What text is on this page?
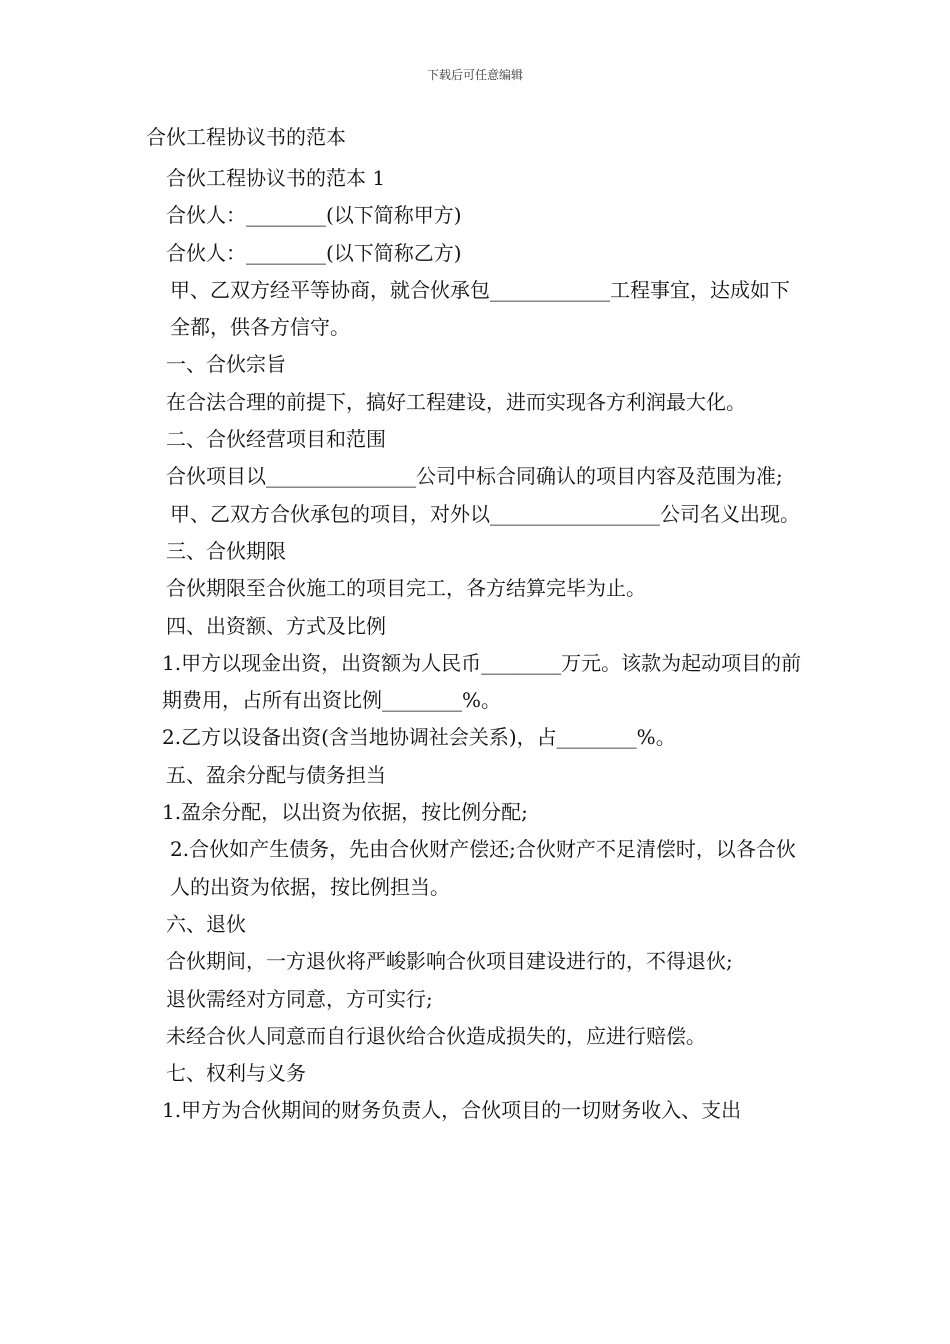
下载后可任意编辑
合伙工程协议书的范本

合伙工程协议书的范本 1

合伙人：________(以下简称甲方)

合伙人：________(以下简称乙方)

甲、乙双方经平等协商，就合伙承包____________工程事宜，达成如下全都，供各方信守。

一、合伙宗旨

在合法合理的前提下，搞好工程建设，进而实现各方利润最大化。

二、合伙经营项目和范围

合伙项目以_______________公司中标合同确认的项目内容及范围为准;

甲、乙双方合伙承包的项目，对外以_________________公司名义出现。

三、合伙期限

合伙期限至合伙施工的项目完工，各方结算完毕为止。

四、出资额、方式及比例

1.甲方以现金出资，出资额为人民币________万元。该款为起动项目的前期费用，占所有出资比例________%。

2.乙方以设备出资(含当地协调社会关系)，占________%。

五、盈余分配与债务担当

1.盈余分配，以出资为依据，按比例分配;

2.合伙如产生债务，先由合伙财产偿还;合伙财产不足清偿时，以各合伙人的出资为依据，按比例担当。

六、退伙

合伙期间，一方退伙将严峻影响合伙项目建设进行的，不得退伙;

退伙需经对方同意，方可实行;

未经合伙人同意而自行退伙给合伙造成损失的，应进行赔偿。

七、权利与义务

1.甲方为合伙期间的财务负责人，合伙项目的一切财务收入、支出
